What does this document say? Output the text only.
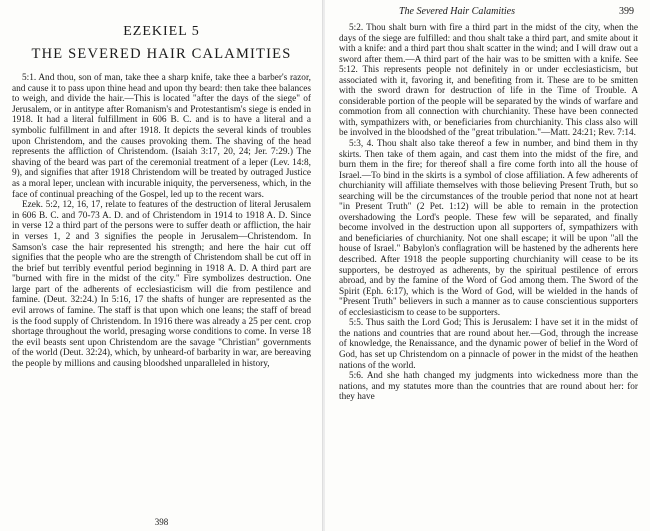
EZEKIEL 5
THE SEVERED HAIR CALAMITIES

5:1. And thou, son of man, take thee a sharp knife, take thee a barber's razor, and cause it to pass upon thine head and upon thy beard: then take thee balances to weigh, and divide the hair.—This is located "after the days of the siege" of Jerusalem, or in antitype after Romanism's and Protestantism's siege is ended in 1918. It had a literal fulfillment in 606 B. C. and is to have a literal and a symbolic fulfillment in and after 1918. It depicts the several kinds of troubles upon Christendom, and the causes provoking them. The shaving of the head represents the affliction of Christendom. (Isaiah 3:17, 20, 24; Jer. 7:29.) The shaving of the beard was part of the ceremonial treatment of a leper (Lev. 14:8, 9), and signifies that after 1918 Christendom will be treated by outraged Justice as a moral leper, unclean with incurable iniquity, the perverseness, which, in the face of continual preaching of the Gospel, led up to the recent wars.

Ezek. 5:2, 12, 16, 17, relate to features of the destruction of literal Jerusalem in 606 B. C. and 70-73 A. D. and of Christendom in 1914 to 1918 A. D. Since in verse 12 a third part of the persons were to suffer death or affliction, the hair in verses 1, 2 and 3 signifies the people in Jerusalem—Christendom. In Samson's case the hair represented his strength; and here the hair cut off signifies that the people who are the strength of Christendom shall be cut off in the brief but terribly eventful period beginning in 1918 A. D. A third part are "burned with fire in the midst of the city." Fire symbolizes destruction. One large part of the adherents of ecclesiasticism will die from pestilence and famine. (Deut. 32:24.) In 5:16, 17 the shafts of hunger are represented as the evil arrows of famine. The staff is that upon which one leans; the staff of bread is the food supply of Christendom. In 1916 there was already a 25 per cent. crop shortage throughout the world, presaging worse conditions to come. In verse 18 the evil beasts sent upon Christendom are the savage "Christian" governments of the world (Deut. 32:24), which, by unheard-of barbarity in war, are bereaving the people by millions and causing bloodshed unparalleled in history,

398
The Severed Hair Calamities	399

5:2. Thou shalt burn with fire a third part in the midst of the city, when the days of the siege are fulfilled: and thou shalt take a third part, and smite about it with a knife: and a third part thou shalt scatter in the wind; and I will draw out a sword after them.—A third part of the hair was to be smitten with a knife. See 5:12. This represents people not definitely in or under ecclesiasticism, but associated with it, favoring it, and benefiting from it. These are to be smitten with the sword drawn for destruction of life in the Time of Trouble. A considerable portion of the people will be separated by the winds of warfare and commotion from all connection with churchianity. These have been connected with, sympathizers with, or beneficiaries from churchianity. This class also will be involved in the bloodshed of the "great tribulation."—Matt. 24:21; Rev. 7:14.

5:3, 4. Thou shalt also take thereof a few in number, and bind them in thy skirts. Then take of them again, and cast them into the midst of the fire, and burn them in the fire; for thereof shall a fire come forth into all the house of Israel.—To bind in the skirts is a symbol of close affiliation. A few adherents of churchianity will affiliate themselves with those believing Present Truth, but so searching will be the circumstances of the trouble period that none not at heart "in Present Truth" (2 Pet. 1:12) will be able to remain in the protection overshadowing the Lord's people. These few will be separated, and finally become involved in the destruction upon all supporters of, sympathizers with and beneficiaries of churchianity. Not one shall escape; it will be upon "all the house of Israel." Babylon's conflagration will be hastened by the adherents here described. After 1918 the people supporting churchianity will cease to be its supporters, be destroyed as adherents, by the spiritual pestilence of errors abroad, and by the famine of the Word of God among them. The Sword of the Spirit (Eph. 6:17), which is the Word of God, will be wielded in the hands of "Present Truth" believers in such a manner as to cause conscientious supporters of ecclesiasticism to cease to be supporters.

5:5. Thus saith the Lord God; This is Jerusalem: I have set it in the midst of the nations and countries that are round about her.—God, through the increase of knowledge, the Renaissance, and the dynamic power of belief in the Word of God, has set up Christendom on a pinnacle of power in the midst of the heathen nations of the world.

5:6. And she hath changed my judgments into wickedness more than the nations, and my statutes more than the countries that are round about her: for they have
